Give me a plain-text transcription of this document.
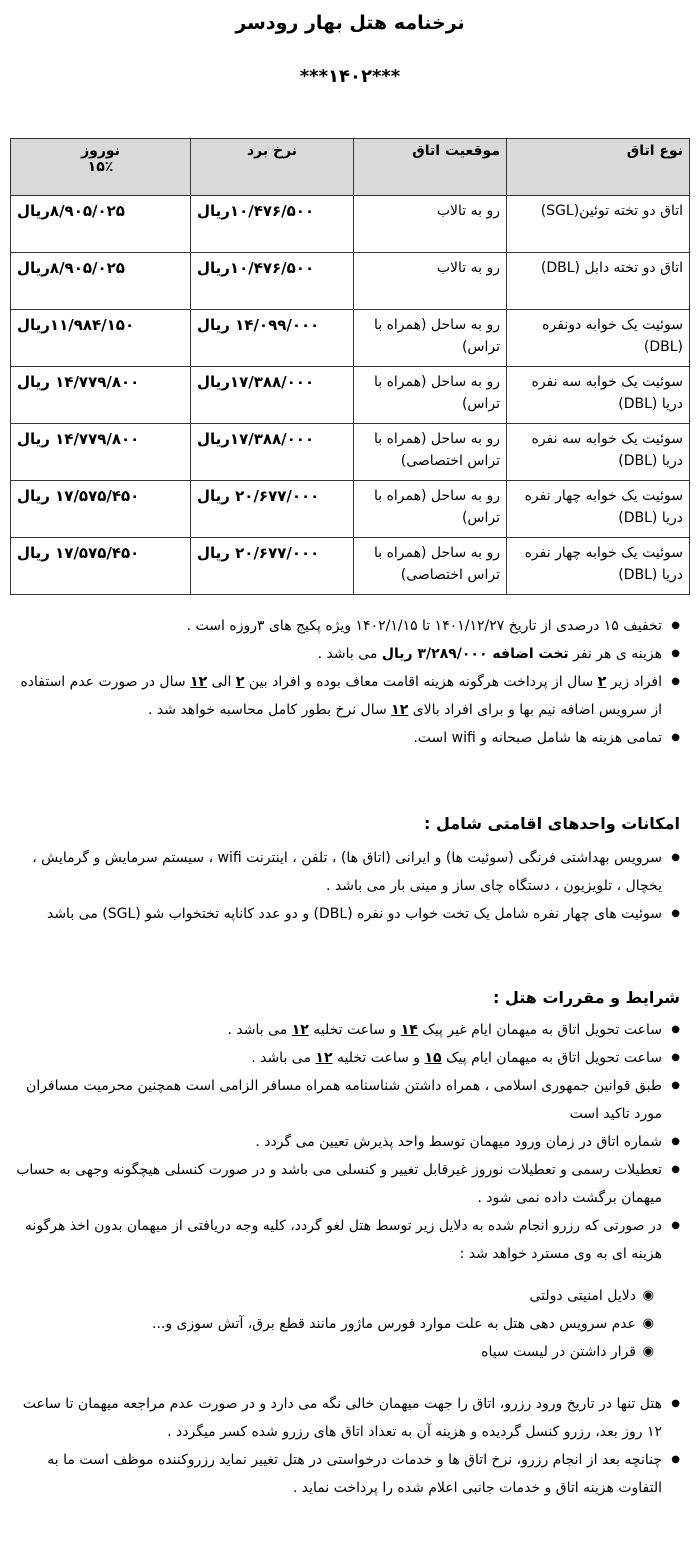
نرخنامه هتل بهار رودسر
***۱۴۰۲***
نوع اتاق	موقعیت اتاق	نرخ برد	نوروز
۱۵٪

اتاق دو تخته توئین(SGL)	رو به تالاب	۱۰/۴۷۶/۵۰۰ریال	۸/۹۰۵/۰۲۵ریال
اتاق دو تخته دابل (DBL)	رو به تالاب	۱۰/۴۷۶/۵۰۰ریال	۸/۹۰۵/۰۲۵ریال
سوئیت یک خوابه دونفره (DBL)	رو به ساحل (همراه با تراس)	۱۴/۰۹۹/۰۰۰ ریال	۱۱/۹۸۴/۱۵۰ریال
سوئیت یک خوابه سه نفره دریا (DBL)	رو به ساحل (همراه با تراس)	۱۷/۳۸۸/۰۰۰ریال	۱۴/۷۷۹/۸۰۰ ریال
سوئیت یک خوابه سه نفره دریا (DBL)	رو به ساحل (همراه با تراس اختصاصی)	۱۷/۳۸۸/۰۰۰ریال	۱۴/۷۷۹/۸۰۰ ریال
سوئیت یک خوابه چهار نفره دریا (DBL)	رو به ساحل (همراه با تراس)	۲۰/۶۷۷/۰۰۰ ریال	۱۷/۵۷۵/۴۵۰ ریال
سوئیت یک خوابه چهار نفره دریا (DBL)	رو به ساحل (همراه با تراس اختصاصی)	۲۰/۶۷۷/۰۰۰ ریال	۱۷/۵۷۵/۴۵۰ ریال
● تخفیف ۱۵ درصدی از تاریخ ۱۴۰۱/۱۲/۲۷ تا ۱۴۰۲/۱/۱۵ ویژه پکیج های ۳روزه است .
● هزینه ی هر نفر تخت اضافه ۳/۲۸۹/۰۰۰ ریال می باشد .
● افراد زیر ۲ سال از پرداخت هرگونه هزینه اقامت معاف بوده و افراد بین ۲ الی ۱۲ سال در صورت عدم استفاده از سرویس اضافه نیم بها و برای افراد بالای ۱۲ سال نرخ بطور کامل محاسبه خواهد شد .
● تمامی هزینه ها شامل صبحانه و wifi است.
امکانات واحدهای اقامتی شامل :
● سرویس بهداشتی فرنگی (سوئیت ها) و ایرانی (اتاق ها) ، تلفن ، اینترنت wifi ، سیستم سرمایش و گرمایش ، یخچال ، تلویزیون ، دستگاه چای ساز و مینی بار می باشد .
● سوئیت های چهار نفره شامل یک تخت خواب دو نفره (DBL) و دو عدد کاناپه تختخواب شو (SGL) می باشد
شرایط و مقررات هتل :
● ساعت تحویل اتاق به میهمان ایام غیر پیک ۱۴ و ساعت تخلیه ۱۲ می باشد .
● ساعت تحویل اتاق به میهمان ایام پیک ۱۵ و ساعت تخلیه ۱۲ می باشد .
● طبق قوانین جمهوری اسلامی ، همراه داشتن شناسنامه همراه مسافر الزامی است همچنین محرمیت مسافران مورد تاکید است
● شماره اتاق در زمان ورود میهمان توسط واحد پذیرش تعیین می گردد .
● تعطیلات رسمی و تعطیلات نوروز غیرقابل تغییر و کنسلی می باشد و در صورت کنسلی هیچگونه وجهی به حساب میهمان برگشت داده نمی شود .
● در صورتی که رزرو انجام شده به دلایل زیر توسط هتل لغو گردد، کلیه وجه دریافتی از میهمان بدون اخذ هرگونه هزینه ای به وی مسترد خواهد شد :
◉ دلایل امنیتی دولتی
◉ عدم سرویس دهی هتل به علت موارد فورس ماژور مانند قطع برق، آتش سوزی و...
◉ قرار داشتن در لیست سیاه
● هتل تنها در تاریخ ورود رزرو، اتاق را جهت میهمان خالی نگه می دارد و در صورت عدم مراجعه میهمان تا ساعت ۱۲ روز بعد، رزرو کنسل گردیده و هزینه آن به تعداد اتاق های رزرو شده کسر میگردد .
● چنانچه بعد از انجام رزرو، نرخ اتاق ها و خدمات درخواستی در هتل تغییر نماید رزروکننده موظف است ما به التفاوت هزینه اتاق و خدمات جانبی اعلام شده را پرداخت نماید .
